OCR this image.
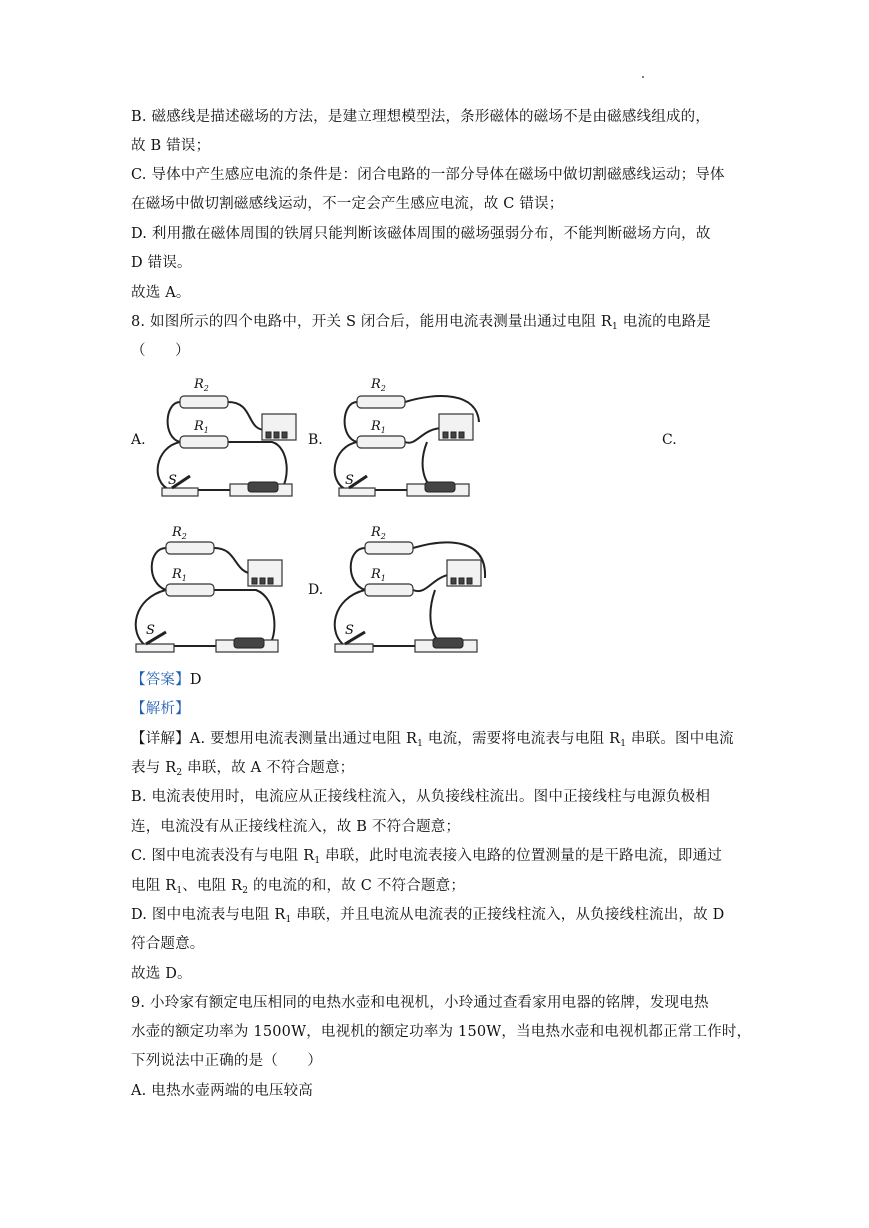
B. 磁感线是描述磁场的方法，是建立理想模型法，条形磁体的磁场不是由磁感线组成的，
故 B 错误；
C. 导体中产生感应电流的条件是：闭合电路的一部分导体在磁场中做切割磁感线运动；导体
在磁场中做切割磁感线运动，不一定会产生感应电流，故 C 错误；
D. 利用撒在磁体周围的铁屑只能判断该磁体周围的磁场强弱分布，不能判断磁场方向，故
D 错误。
故选 A。
8. 如图所示的四个电路中，开关 S 闭合后，能用电流表测量出通过电阻 $R_1$ 电流的电路是
（　　）
A.	B.	C.
D.
$R_2$
$R_1$
S
$R_2$
$R_1$
S
$R_2$
$R_1$
S
$R_2$
$R_1$
S
【答案】D
【解析】
【详解】A. 要想用电流表测量出通过电阻 $R_1$ 电流，需要将电流表与电阻 $R_1$ 串联。图中电流
表与 $R_2$ 串联，故 A 不符合题意；
B. 电流表使用时，电流应从正接线柱流入，从负接线柱流出。图中正接线柱与电源负极相
连，电流没有从正接线柱流入，故 B 不符合题意；
C. 图中电流表没有与电阻 $R_1$ 串联，此时电流表接入电路的位置测量的是干路电流，即通过
电阻 $R_1$、电阻 $R_2$ 的电流的和，故 C 不符合题意；
D. 图中电流表与电阻 $R_1$ 串联，并且电流从电流表的正接线柱流入，从负接线柱流出，故 D
符合题意。
故选 D。
9. 小玲家有额定电压相同的电热水壶和电视机，小玲通过查看家用电器的铭牌，发现电热
水壶的额定功率为 1500W，电视机的额定功率为 150W，当电热水壶和电视机都正常工作时，
下列说法中正确的是（　　）
A. 电热水壶两端的电压较高
